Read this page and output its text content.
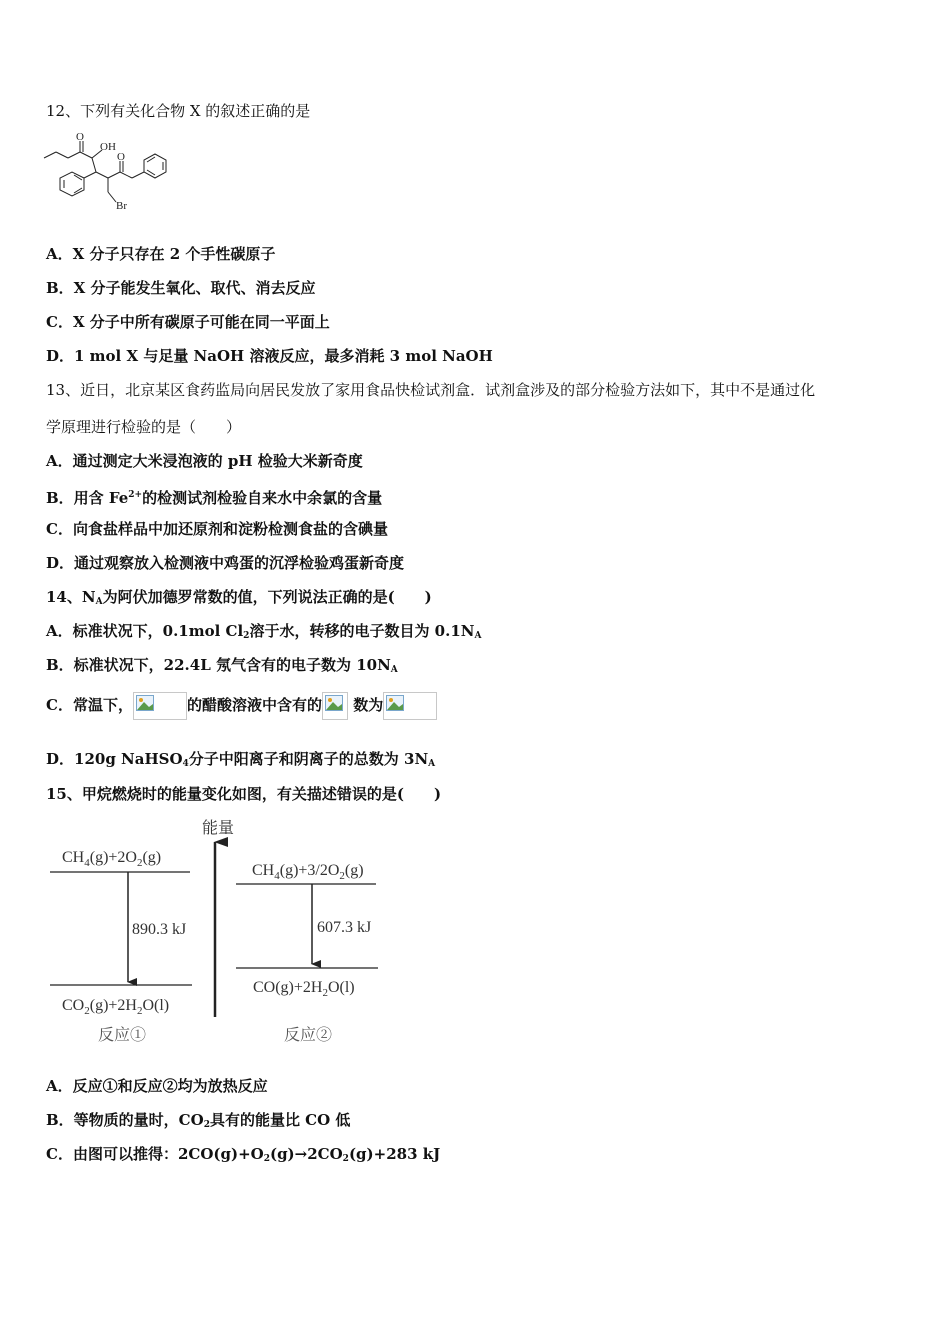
12、下列有关化合物 X 的叙述正确的是
O
OH
O
Br
A．X 分子只存在 2 个手性碳原子
B．X 分子能发生氧化、取代、消去反应
C．X 分子中所有碳原子可能在同一平面上
D．1 mol X 与足量 NaOH 溶液反应，最多消耗 3 mol NaOH
13、近日，北京某区食药监局向居民发放了家用食品快检试剂盒．试剂盒涉及的部分检验方法如下，其中不是通过化
学原理进行检验的是（　　）
A．通过测定大米浸泡液的 pH 检验大米新奇度
B．用含 $Fe^{2+}$的检测试剂检验自来水中余氯的含量
C．向食盐样品中加还原剂和淀粉检测食盐的含碘量
D．通过观察放入检测液中鸡蛋的沉浮检验鸡蛋新奇度
14、$N_A$为阿伏加德罗常数的值，下列说法正确的是(　　)
A．标准状况下，0.1mol $Cl_2$溶于水，转移的电子数目为 $0.1N_A$
B．标准状况下，22.4L 氖气含有的电子数为 $10N_A$
C．常温下，	的醋酸溶液中含有的 数为
D．120g NaHSO$_4$分子中阳离子和阴离子的总数为 $3N_A$
15、甲烷燃烧时的能量变化如图，有关描述错误的是(　　)
能量
$CH_4(g)+2O_2(g)$
890.3 kJ
$CO_2(g)+2H_2O(l)$
反应①
$CH_4(g)+3/2O_2(g)$
607.3 kJ
$CO(g)+2H_2O(l)$
反应②
A．反应①和反应②均为放热反应
B．等物质的量时，$CO_2$具有的能量比 CO 低
C．由图可以推得：$2CO(g)+O_2(g)\to 2CO_2(g)+283$ kJ
